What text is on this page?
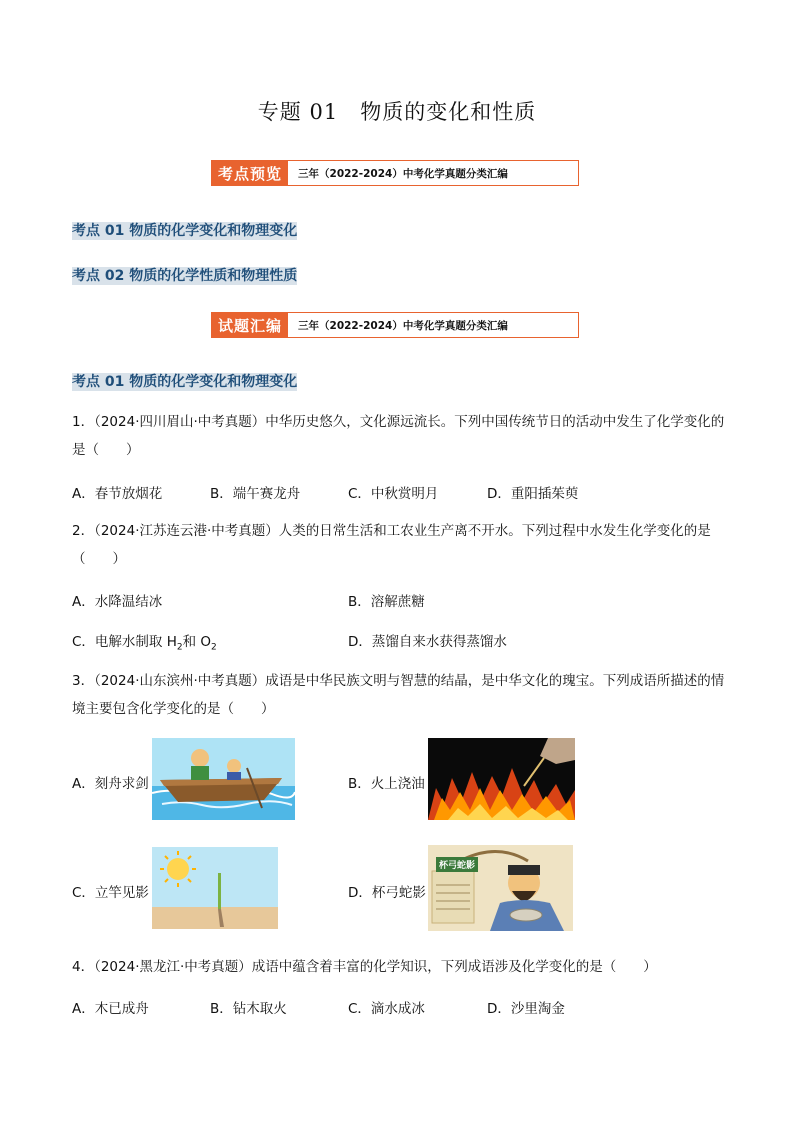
专题 01　物质的变化和性质
考点预览	三年（2022-2024）中考化学真题分类汇编
考点 01 物质的化学变化和物理变化
考点 02 物质的化学性质和物理性质
试题汇编	三年（2022-2024）中考化学真题分类汇编
考点 01 物质的化学变化和物理变化
1．（2024·四川眉山·中考真题）中华历史悠久，文化源远流长。下列中国传统节日的活动中发生了化学变化的是（　　）
A．春节放烟花	B．端午赛龙舟	C．中秋赏明月	D．重阳插茱萸
2．（2024·江苏连云港·中考真题）人类的日常生活和工农业生产离不开水。下列过程中水发生化学变化的是（　　）
A．水降温结冰	B．溶解蔗糖
C．电解水制取 $H_2$和 $O_2$	D．蒸馏自来水获得蒸馏水
3．（2024·山东滨州·中考真题）成语是中华民族文明与智慧的结晶，是中华文化的瑰宝。下列成语所描述的情境主要包含化学变化的是（　　）
A．刻舟求剑	B．火上浇油
C．立竿见影	D．杯弓蛇影
杯弓蛇影
4．（2024·黑龙江·中考真题）成语中蕴含着丰富的化学知识，下列成语涉及化学变化的是（　　）
A．木已成舟	B．钻木取火	C．滴水成冰	D．沙里淘金
